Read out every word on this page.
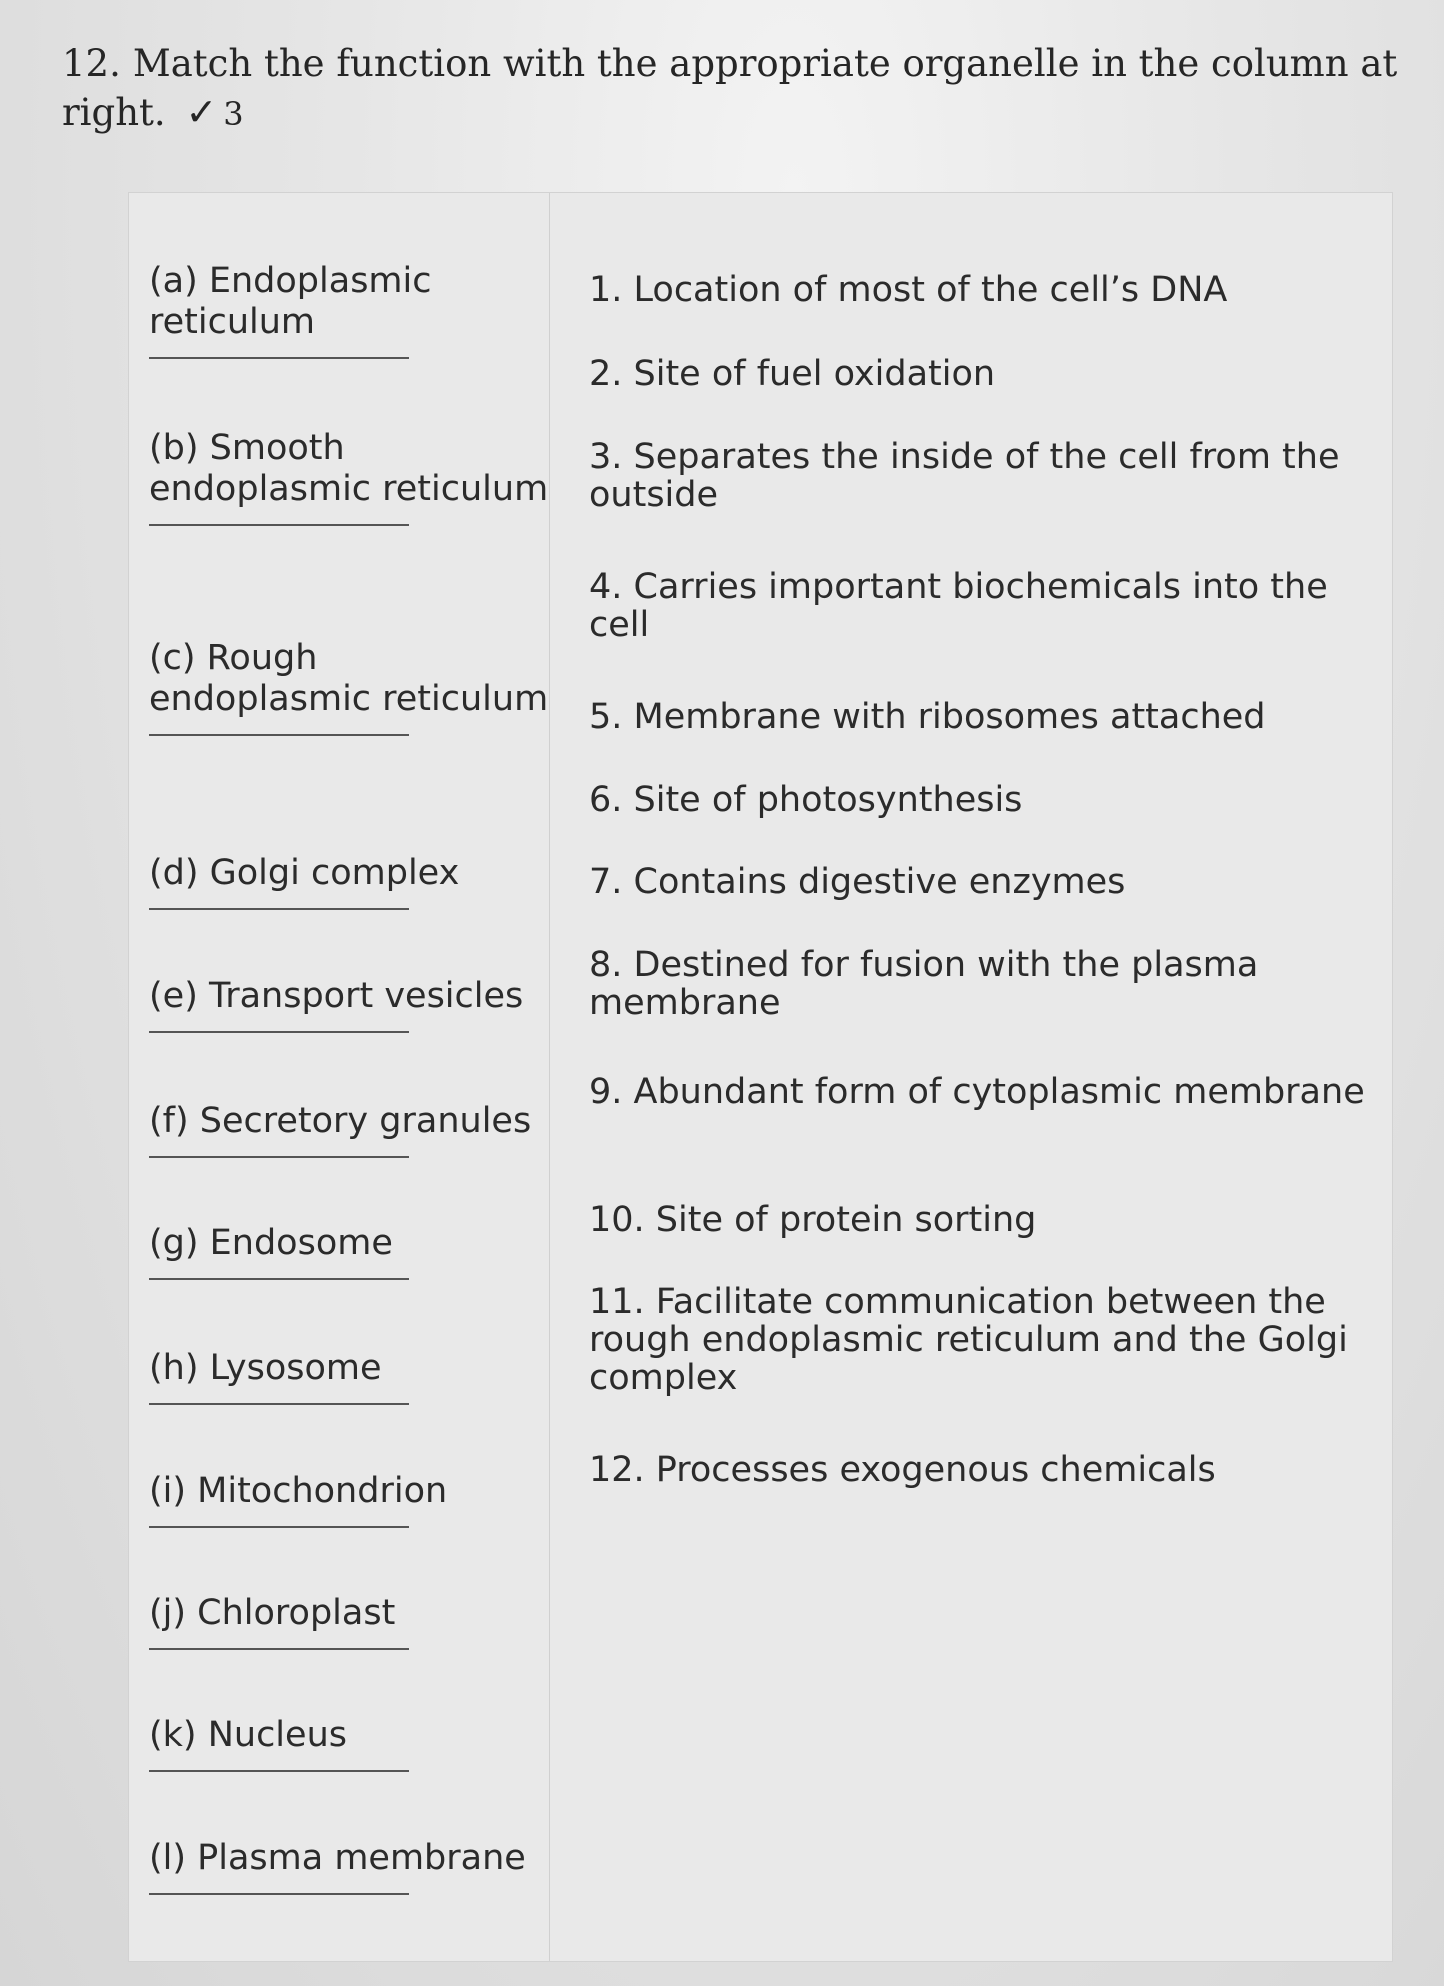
12. Match the function with the appropriate organelle in the column at right. ✓ 3
(a) Endoplasmic reticulum
(b) Smooth endoplasmic reticulum
(c) Rough endoplasmic reticulum
(d) Golgi complex
(e) Transport vesicles
(f) Secretory granules
(g) Endosome
(h) Lysosome
(i) Mitochondrion
(j) Chloroplast
(k) Nucleus
(l) Plasma membrane
1. Location of most of the cell’s DNA
2. Site of fuel oxidation
3. Separates the inside of the cell from the outside
4. Carries important biochemicals into the cell
5. Membrane with ribosomes attached
6. Site of photosynthesis
7. Contains digestive enzymes
8. Destined for fusion with the plasma membrane
9. Abundant form of cytoplasmic membrane
10. Site of protein sorting
11. Facilitate communication between the rough endoplasmic reticulum and the Golgi complex
12. Processes exogenous chemicals
